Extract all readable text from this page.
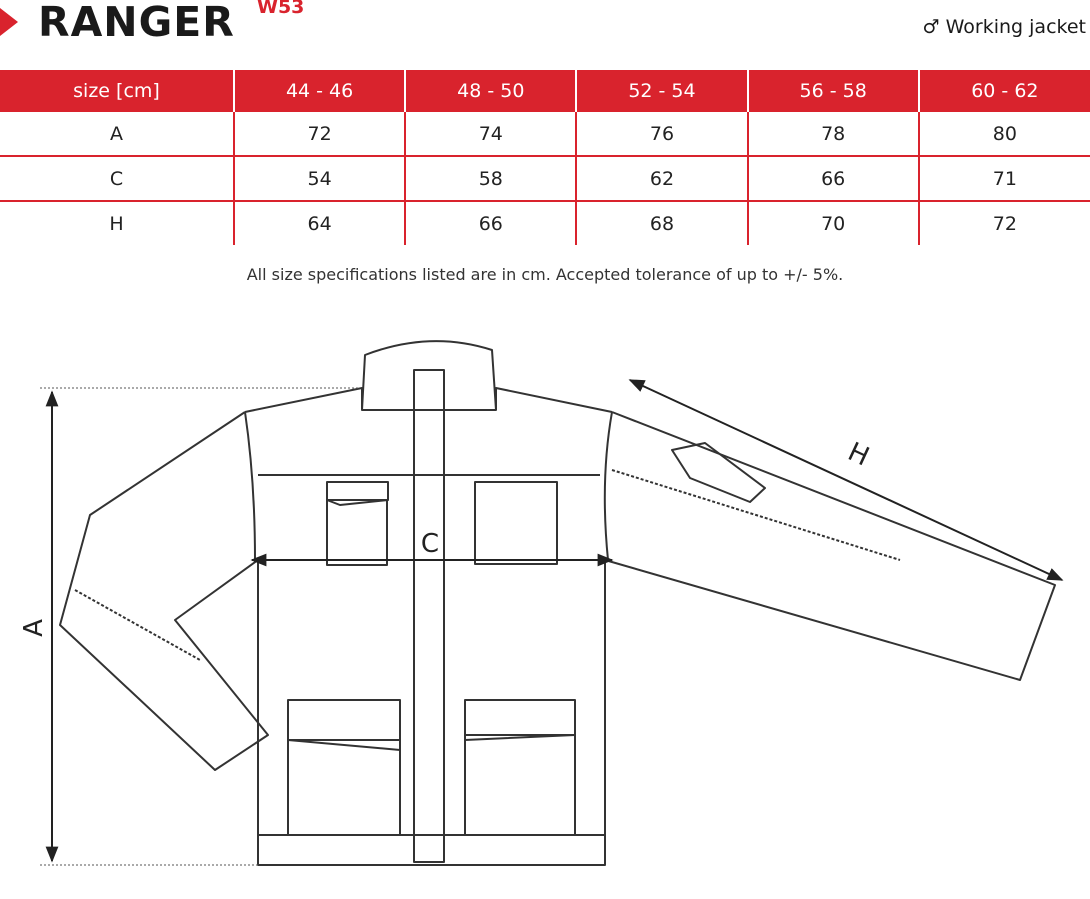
RANGER W53
♂ Working jacket
size [cm]	44 - 46	48 - 50	52 - 54	56 - 58	60 - 62
A	72	74	76	78	80
C	54	58	62	66	71
H	64	66	68	70	72
All size specifications listed are in cm. Accepted tolerance of up to +/- 5%.
A
C
H
